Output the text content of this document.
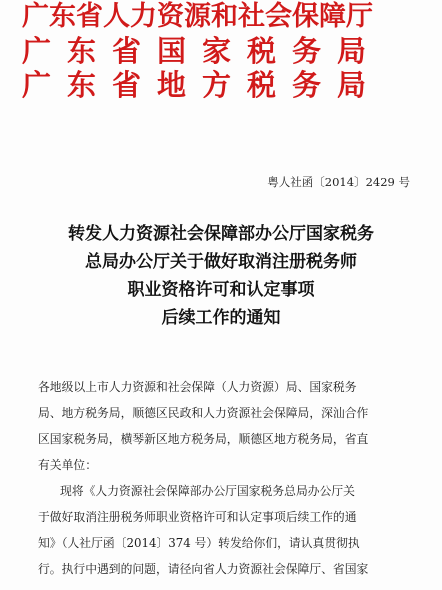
广东省人力资源和社会保障厅
广东省国家税务局
广东省地方税务局
粤人社函〔2014〕2429 号
转发人力资源社会保障部办公厅国家税务
总局办公厅关于做好取消注册税务师
职业资格许可和认定事项
后续工作的通知
各地级以上市人力资源和社会保障（人力资源）局、国家税务
局、地方税务局，顺德区民政和人力资源社会保障局，深汕合作
区国家税务局，横琴新区地方税务局，顺德区地方税务局，省直
有关单位：
现将《人力资源社会保障部办公厅国家税务总局办公厅关
于做好取消注册税务师职业资格许可和认定事项后续工作的通
知》（人社厅函〔2014〕374 号）转发给你们，请认真贯彻执
行。执行中遇到的问题，请径向省人力资源社会保障厅、省国家
